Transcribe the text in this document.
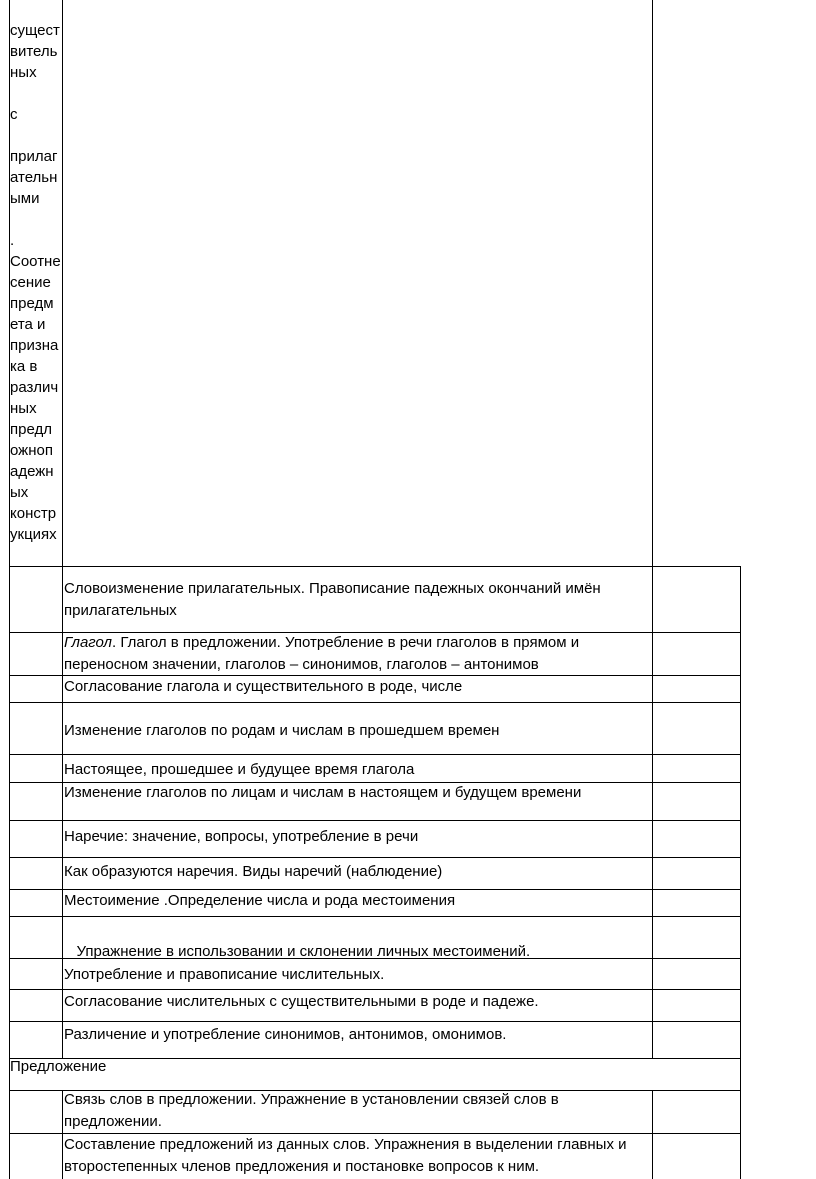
сущест
витель
ных
с
прилаг
ательн
ыми
.
Соотне
сение
предм
ета и
призна
ка в
различ
ных
предл
ожноп
адежн
ых
констр
укциях
Словоизменение прилагательных. Правописание падежных окончаний имён прилагательных
Глагол. Глагол в предложении. Употребление в речи глаголов в прямом и переносном значении, глаголов – синонимов, глаголов – антонимов
Согласование глагола и существительного в роде, числе
Изменение глаголов по родам и числам в прошедшем времен
Настоящее, прошедшее и будущее время глагола
Изменение глаголов по лицам и числам в настоящем и будущем времени
Наречие: значение, вопросы, употребление в речи
Как образуются наречия. Виды наречий (наблюдение)
Местоимение .Определение числа и рода местоимения

Упражнение в использовании и склонении личных местоимений.

Употребление и правописание числительных.
Согласование числительных с существительными в роде и падеже.
Различение и употребление синонимов, антонимов, омонимов.
Предложение
Связь слов в предложении. Упражнение в установлении связей слов в предложении.
Составление предложений из данных слов. Упражнения в выделении главных и второстепенных членов предложения и постановке вопросов к ним.
